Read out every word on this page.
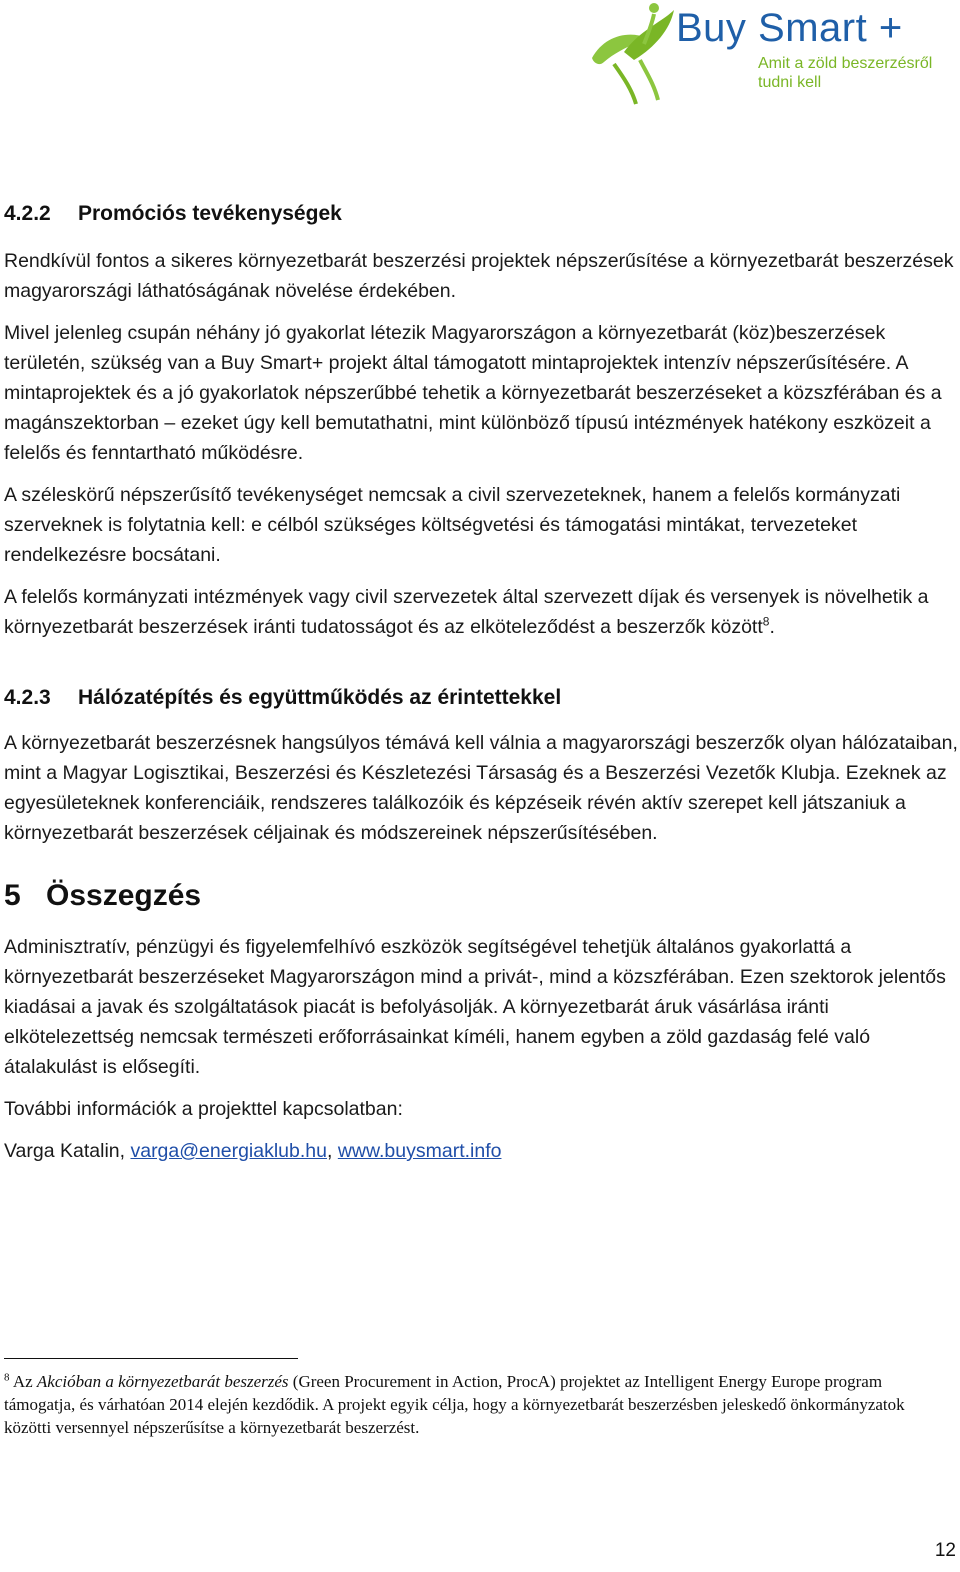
Buy Smart +
Amit a zöld beszerzésről tudni kell
4.2.2 Promóciós tevékenységek

Rendkívül fontos a sikeres környezetbarát beszerzési projektek népszerűsítése a környezetbarát beszerzések magyarországi láthatóságának növelése érdekében.

Mivel jelenleg csupán néhány jó gyakorlat létezik Magyarországon a környezetbarát (köz)beszerzések területén, szükség van a Buy Smart+ projekt által támogatott mintaprojektek intenzív népszerűsítésére. A mintaprojektek és a jó gyakorlatok népszerűbbé tehetik a környezetbarát beszerzéseket a közszférában és a magánszektorban – ezeket úgy kell bemutathatni, mint különböző típusú intézmények hatékony eszközeit a felelős és fenntartható működésre.

A széleskörű népszerűsítő tevékenységet nemcsak a civil szervezeteknek, hanem a felelős kormányzati szerveknek is folytatnia kell: e célból szükséges költségvetési és támogatási mintákat, tervezeteket rendelkezésre bocsátani.

A felelős kormányzati intézmények vagy civil szervezetek által szervezett díjak és versenyek is növelhetik a környezetbarát beszerzések iránti tudatosságot és az elköteleződést a beszerzők között$^8$.

4.2.3 Hálózatépítés és együttműködés az érintettekkel

A környezetbarát beszerzésnek hangsúlyos témává kell válnia a magyarországi beszerzők olyan hálózataiban, mint a Magyar Logisztikai, Beszerzési és Készletezési Társaság és a Beszerzési Vezetők Klubja. Ezeknek az egyesületeknek konferenciáik, rendszeres találkozóik és képzéseik révén aktív szerepet kell játszaniuk a környezetbarát beszerzések céljainak és módszereinek népszerűsítésében.

5 Összegzés

Adminisztratív, pénzügyi és figyelemfelhívó eszközök segítségével tehetjük általános gyakorlattá a környezetbarát beszerzéseket Magyarországon mind a privát-, mind a közszférában. Ezen szektorok jelentős kiadásai a javak és szolgáltatások piacát is befolyásolják. A környezetbarát áruk vásárlása iránti elkötelezettség nemcsak természeti erőforrásainkat kíméli, hanem egyben a zöld gazdaság felé való átalakulást is elősegíti.

További információk a projekttel kapcsolatban:

Varga Katalin, varga@energiaklub.hu, www.buysmart.info

$^8$ Az Akcióban a környezetbarát beszerzés (Green Procurement in Action, ProcA) projektet az Intelligent Energy Europe program támogatja, és várhatóan 2014 elején kezdődik. A projekt egyik célja, hogy a környezetbarát beszerzésben jeleskedő önkormányzatok közötti versennyel népszerűsítse a környezetbarát beszerzést.
12
